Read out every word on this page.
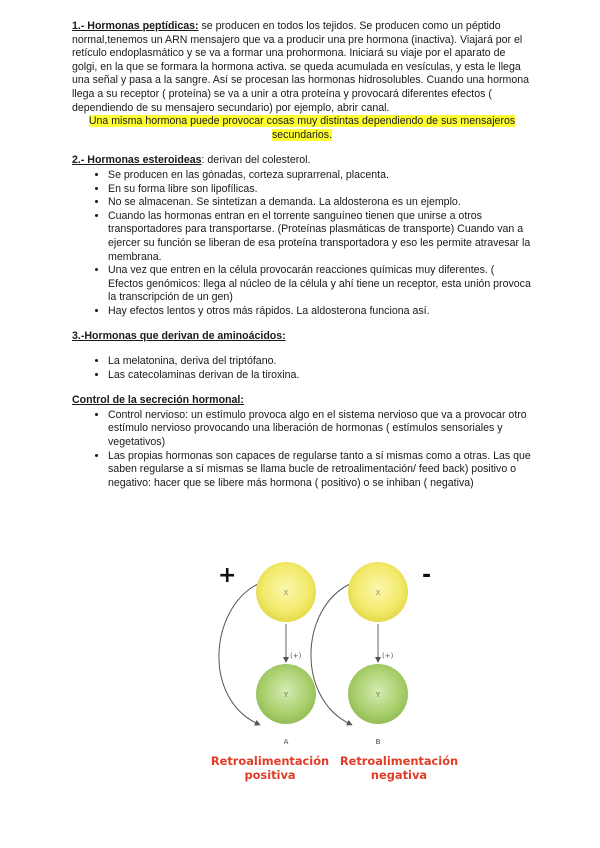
1.- Hormonas peptídicas: se producen en todos los tejidos. Se producen como un péptido normal,tenemos un ARN mensajero que va a producir una pre hormona (inactiva). Viajará por el retículo endoplasmático y se va a formar una prohormona. Iniciará su viaje por el aparato de golgi, en la que se formara la hormona activa. se queda acumulada en vesículas, y esta le llega una señal y pasa a la sangre. Así se procesan las hormonas hidrosolubles. Cuando una hormona llega a su receptor ( proteína) se va a unir a otra proteína y provocará diferentes efectos ( dependiendo de su mensajero secundario) por ejemplo, abrir canal.

Una misma hormona puede provocar cosas muy distintas dependiendo de sus mensajeros secundarios.

2.- Hormonas esteroideas: derivan del colesterol.

• Se producen en las gónadas, corteza suprarrenal, placenta.
• En su forma libre son lipofílicas.
• No se almacenan. Se sintetizan a demanda. La aldosterona es un ejemplo.
• Cuando las hormonas entran en el torrente sanguíneo tienen que unirse a otros transportadores para transportarse. (Proteínas plasmáticas de transporte) Cuando van a ejercer su función se liberan de esa proteína transportadora y eso les permite atravesar la membrana.
• Una vez que entren en la célula provocarán reacciones químicas muy diferentes. ( Efectos genómicos: llega al núcleo de la célula y ahí tiene un receptor, esta unión provoca la transcripción de un gen)
• Hay efectos lentos y otros más rápidos. La aldosterona funciona así.

3.-Hormonas que derivan de aminoácidos:

• La melatonina, deriva del triptófano.
• Las catecolaminas derivan de la tiroxina.

Control de la secreción hormonal:

• Control nervioso: un estímulo provoca algo en el sistema nervioso que va a provocar otro estímulo nervioso provocando una liberación de hormonas ( estímulos sensoriales y vegetativos)
• Las propias hormonas son capaces de regularse tanto a sí mismas como a otras. Las que saben regularse a sí mismas se llama bucle de retroalimentación/ feed back) positivo o negativo: hacer que se libere más hormona ( positivo) o se inhiban ( negativa)
+
X
(+)
Y
A
-
X
(+)
Y
B
Retroalimentación
positiva
Retroalimentación
negativa
